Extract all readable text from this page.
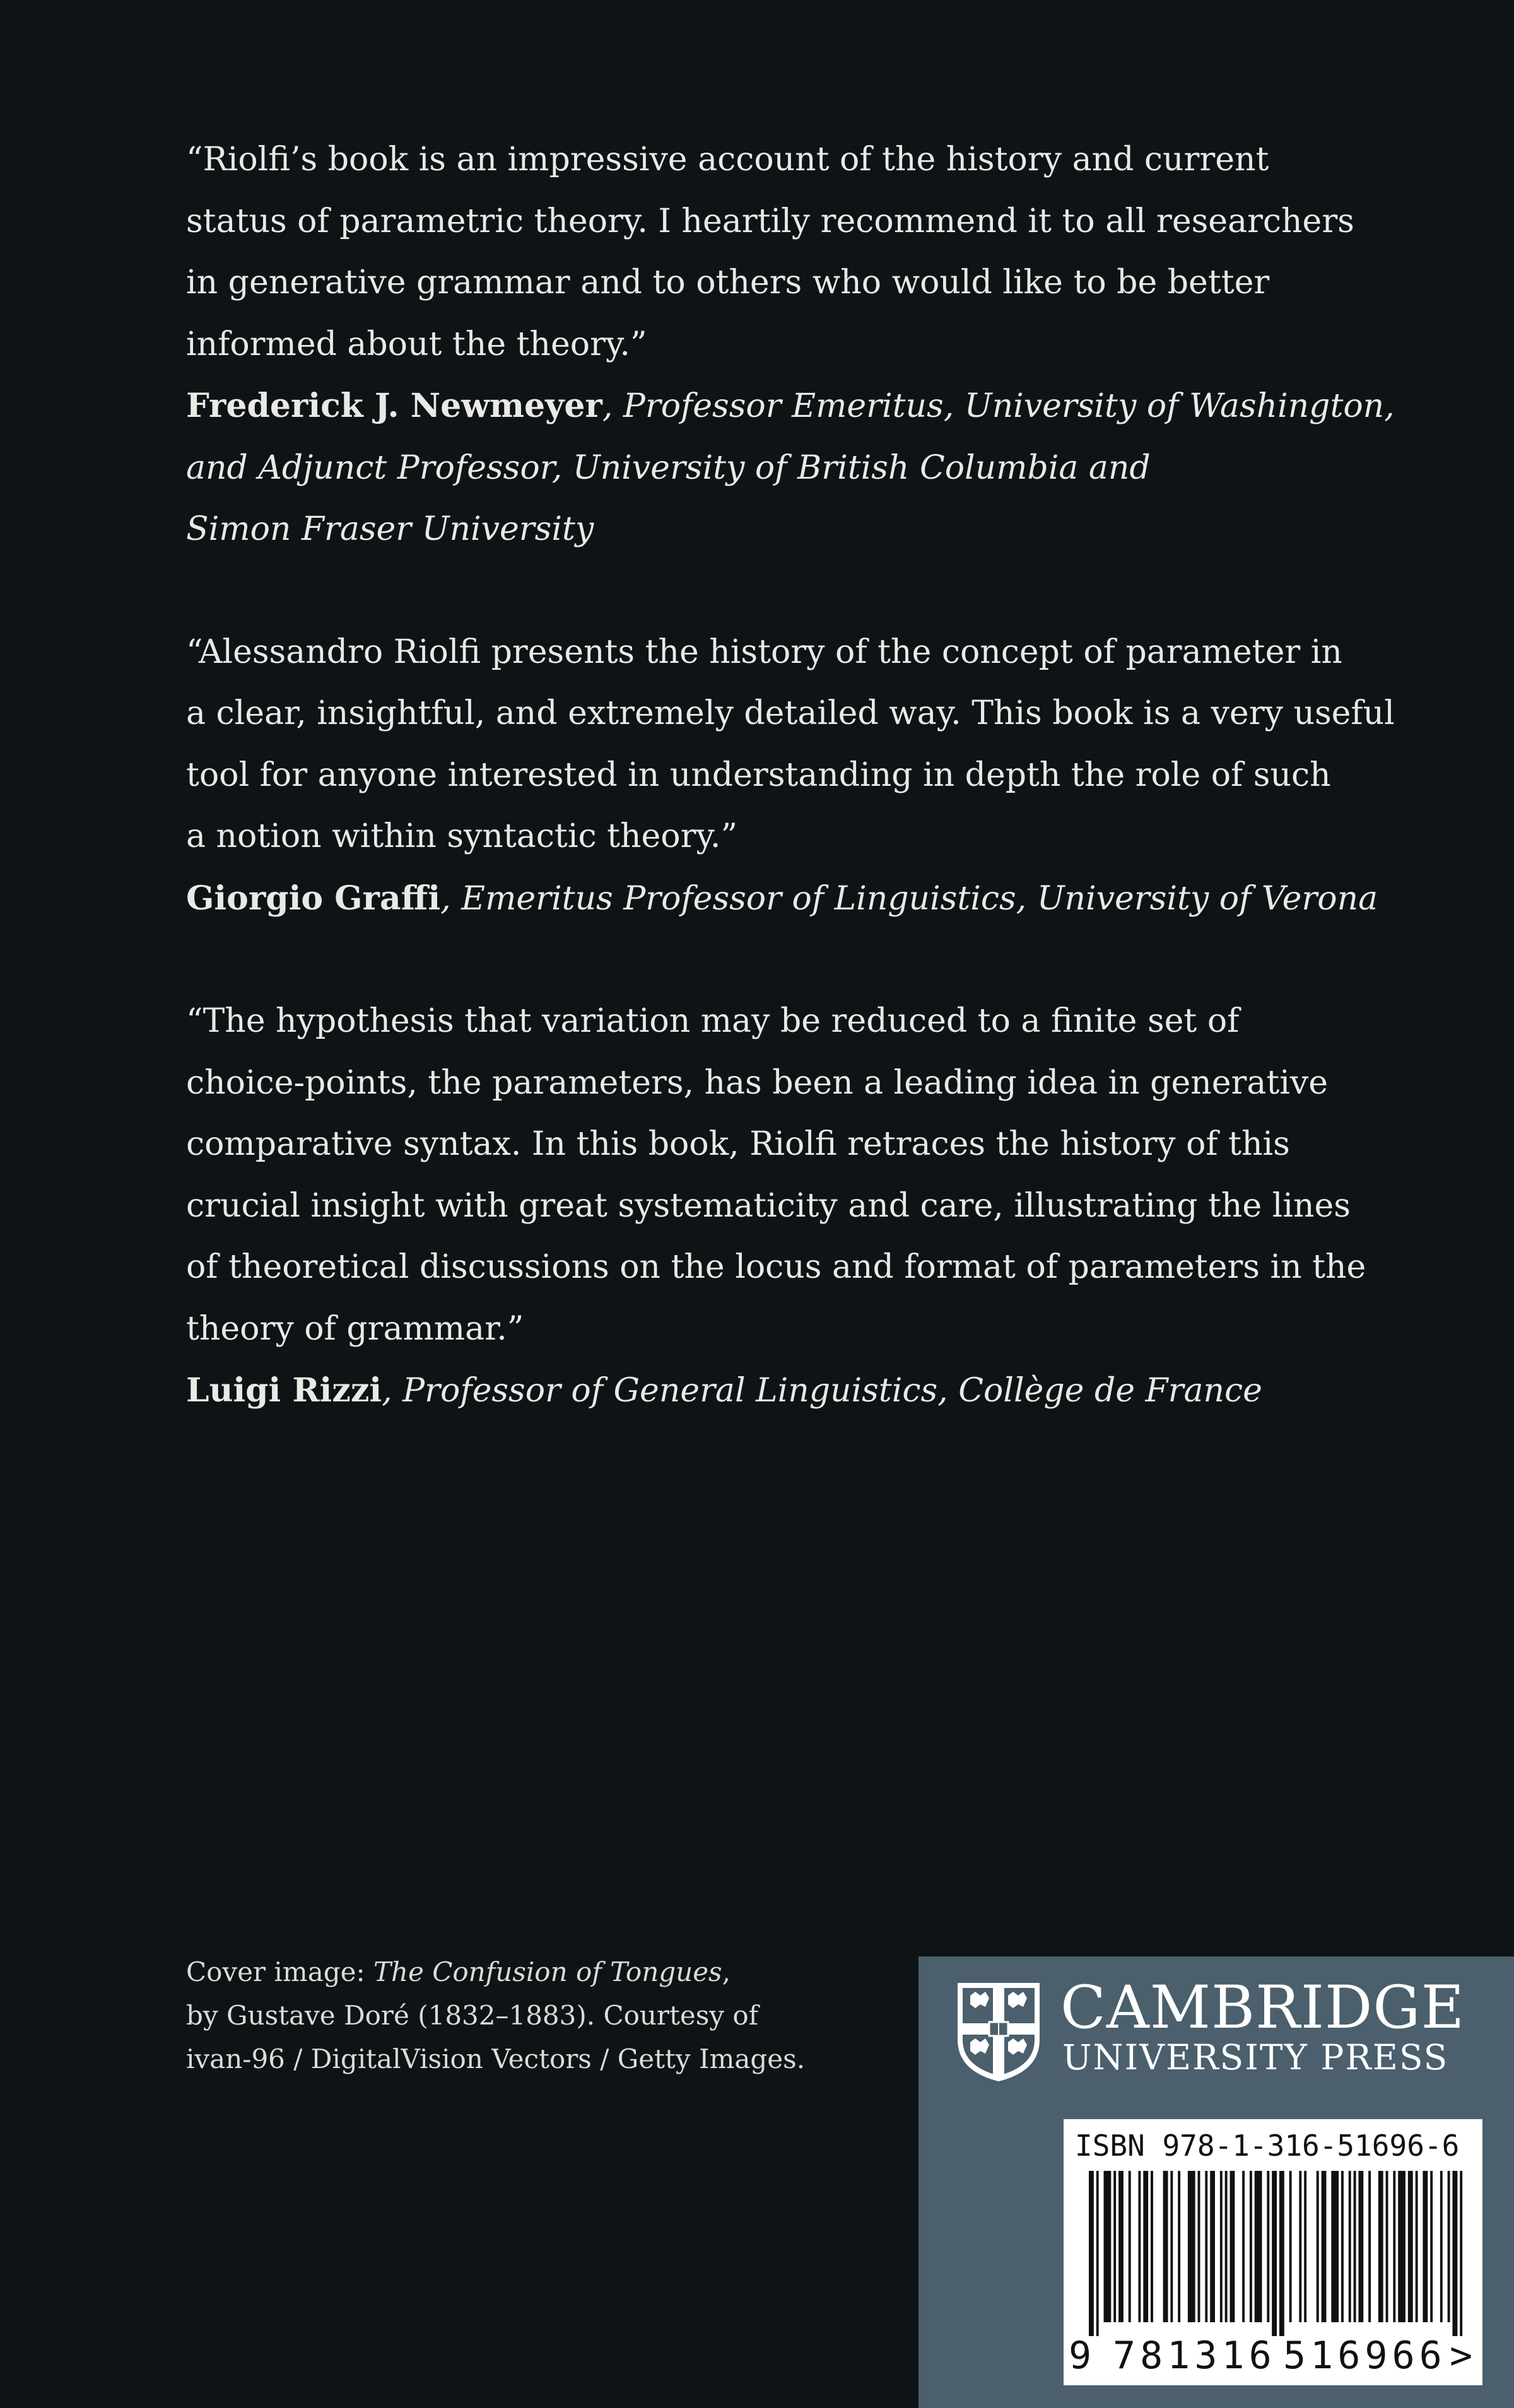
“Riolfi’s book is an impressive account of the history and current
status of parametric theory. I heartily recommend it to all researchers
in generative grammar and to others who would like to be better
informed about the theory.”

Frederick J. Newmeyer, Professor Emeritus, University of Washington,
and Adjunct Professor, University of British Columbia and
Simon Fraser University

“Alessandro Riolfi presents the history of the concept of parameter in
a clear, insightful, and extremely detailed way. This book is a very useful
tool for anyone interested in understanding in depth the role of such
a notion within syntactic theory.”

Giorgio Graffi, Emeritus Professor of Linguistics, University of Verona

“The hypothesis that variation may be reduced to a finite set of
choice-points, the parameters, has been a leading idea in generative
comparative syntax. In this book, Riolfi retraces the history of this
crucial insight with great systematicity and care, illustrating the lines
of theoretical discussions on the locus and format of parameters in the
theory of grammar.”

Luigi Rizzi, Professor of General Linguistics, Collège de France
Cover image: The Confusion of Tongues,
by Gustave Doré (1832–1883). Courtesy of
ivan-96 / DigitalVision Vectors / Getty Images.
CAMBRIDGE
UNIVERSITY PRESS
ISBN 978-1-316-51696-6
9 781316 516966 >
